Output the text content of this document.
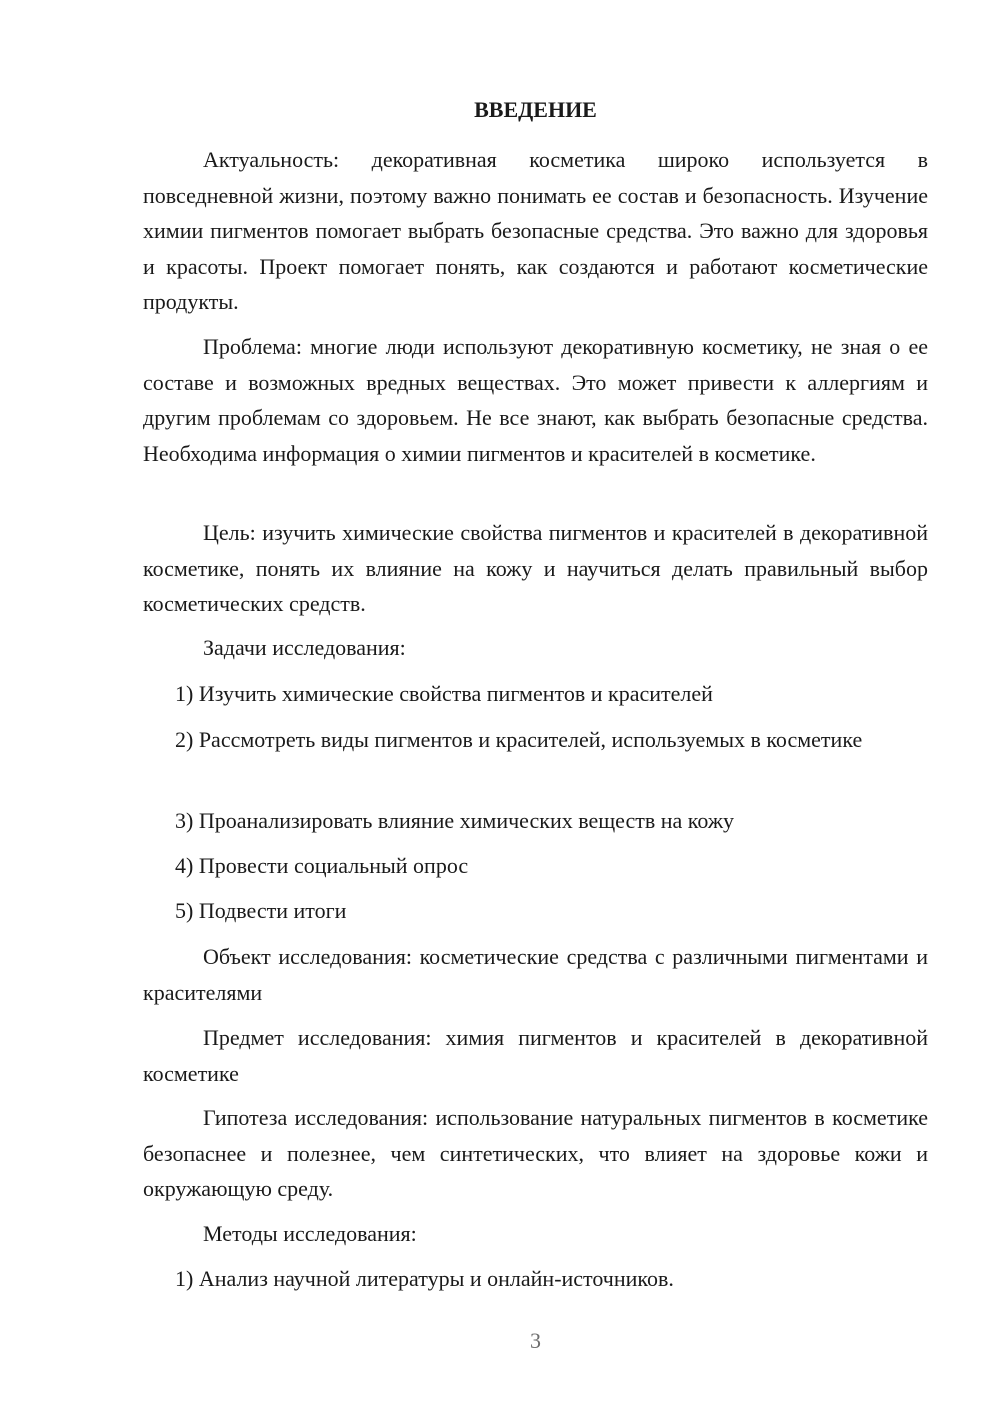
ВВЕДЕНИЕ

Актуальность: декоративная косметика широко используется в повседневной жизни, поэтому важно понимать ее состав и безопасность. Изучение химии пигментов помогает выбрать безопасные средства. Это важно для здоровья и красоты. Проект помогает понять, как создаются и работают косметические продукты.

Проблема: многие люди используют декоративную косметику, не зная о ее составе и возможных вредных веществах. Это может привести к аллергиям и другим проблемам со здоровьем. Не все знают, как выбрать безопасные средства. Необходима информация о химии пигментов и красителей в косметике.

Цель: изучить химические свойства пигментов и красителей в декоративной косметике, понять их влияние на кожу и научиться делать правильный выбор косметических средств.

Задачи исследования:

1) Изучить химические свойства пигментов и красителей

2) Рассмотреть виды пигментов и красителей, используемых в косметике

3) Проанализировать влияние химических веществ на кожу

4) Провести социальный опрос

5) Подвести итоги

Объект исследования: косметические средства с различными пигментами и красителями

Предмет исследования: химия пигментов и красителей в декоративной косметике

Гипотеза исследования: использование натуральных пигментов в косметике безопаснее и полезнее, чем синтетических, что влияет на здоровье кожи и окружающую среду.

Методы исследования:

1) Анализ научной литературы и онлайн-источников.

3
